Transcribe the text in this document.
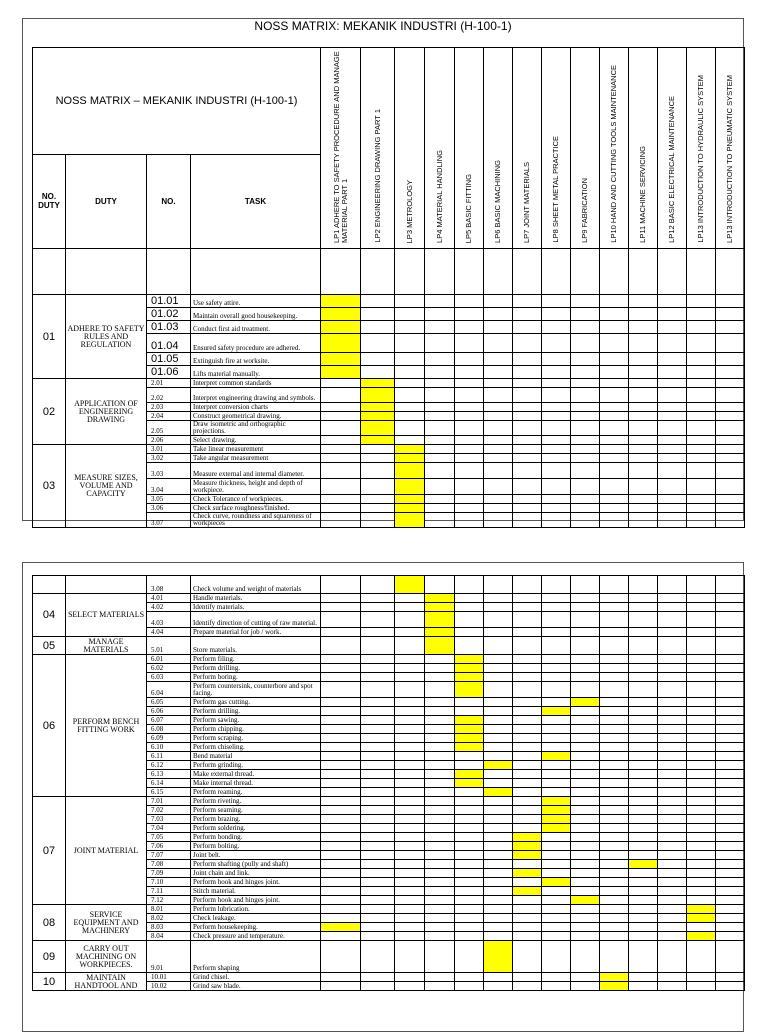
NOSS MATRIX: MEKANIK INDUSTRI (H-100-1)
NOSS MATRIX – MEKANIK INDUSTRI (H-100-1)				LP1 ADHERE TO SAFETY PROCEDURE AND MANAGE MATERIAL PART 1	LP2 ENGINEERING DRAWING PART 1	LP3 METROLOGY	LP4 MATERIAL HANDLING	LP5 BASIC FITTING	LP6 BASIC MACHINING	LP7 JOINT MATERIALS	LP8 SHEET METAL PRACTICE	LP9 FABRICATION	LP10 HAND AND CUTTING TOOLS MAINTENANCE	LP11 MACHINE SERVICING	LP12 BASIC ELECTRICAL MAINTENANCE	LP13 INTRODUCTION TO HYDRAULIC SYSTEM	LP13 INTRODUCTION TO PNEUMATIC SYSTEM
NO. DUTY	DUTY	NO.	TASK														

01	ADHERE TO SAFETY RULES AND REGULATION	01.01	Use safety attire.														
		01.02	Maintain overall good housekeeping.														
		01.03	Conduct first aid treatment.														
		01.04	Ensured safety procedure are adhered.														
		01.05	Extinguish fire at worksite.														
		01.06	Lifts material manually.														
02	APPLICATION OF ENGINEERING DRAWING	2.01	Interpret common standards														
		2.02	Interpret engineering drawing and symbols.														
		2.03	Interpret conversion charts														
		2.04	Construct geometrical drawing.														
		2.05	Draw isometric and orthographic projections.														
		2.06	Select drawing.														
03	MEASURE SIZES, VOLUME AND CAPACITY	3.01	Take linear measurement														
		3.02	Take angular measurement														
		3.03	Measure external and internal diameter.														
		3.04	Measure thickness, height and depth of workpiece.														
		3.05	Check Tolerance of workpieces.														
		3.06	Check surface roughness/finished.														
		3.07	Check curve, roundness and squareness of workpieces														
		3.08	Check volume and weight of materials														
04	SELECT MATERIALS	4.01	Handle materials.														
		4.02	Identify materials.														
		4.03	Identify direction of cutting of raw material.														
		4.04	Prepare material for job / work.														
05	MANAGE MATERIALS	5.01	Store materials.														
06	PERFORM BENCH FITTING WORK	6.01	Perform filing.														
		6.02	Perform drilling.														
		6.03	Perform boring.														
		6.04	Perform countersink, counterbore and spot facing.														
		6.05	Perform gas cutting.														
		6.06	Perform drilling.														
		6.07	Perform sawing.														
		6.08	Perform chipping.														
		6.09	Perform scraping.														
		6.10	Perform chiseling.														
		6.11	Bend material														
		6.12	Perform grinding.														
		6.13	Make external thread.														
		6.14	Make internal thread.														
		6.15	Perform reaming.														
07	JOINT MATERIAL	7.01	Perform riveting.														
		7.02	Perform seaming.														
		7.03	Perform brazing.														
		7.04	Perform soldering.														
		7.05	Perform bonding.														
		7.06	Perform bolting.														
		7.07	Joint belt.														
		7.08	Perform shafting (pully and shaft)														
		7.09	Joint chain and link.														
		7.10	Perform hook and hinges joint.														
		7.11	Stitch material.														
		7.12	Perform hook and hinges joint.														
08	SERVICE EQUIPMENT AND MACHINERY	8.01	Perform lubrication.														
		8.02	Check leakage.														
		8.03	Perform housekeeping.														
		8.04	Check pressure and temperature.														
09	CARRY OUT MACHINING ON WORKPIECES.	9.01	Perform shaping														
10	MAINTAIN HANDTOOL AND	10.01	Grind chisel.														
		10.02	Grind saw blade.														
